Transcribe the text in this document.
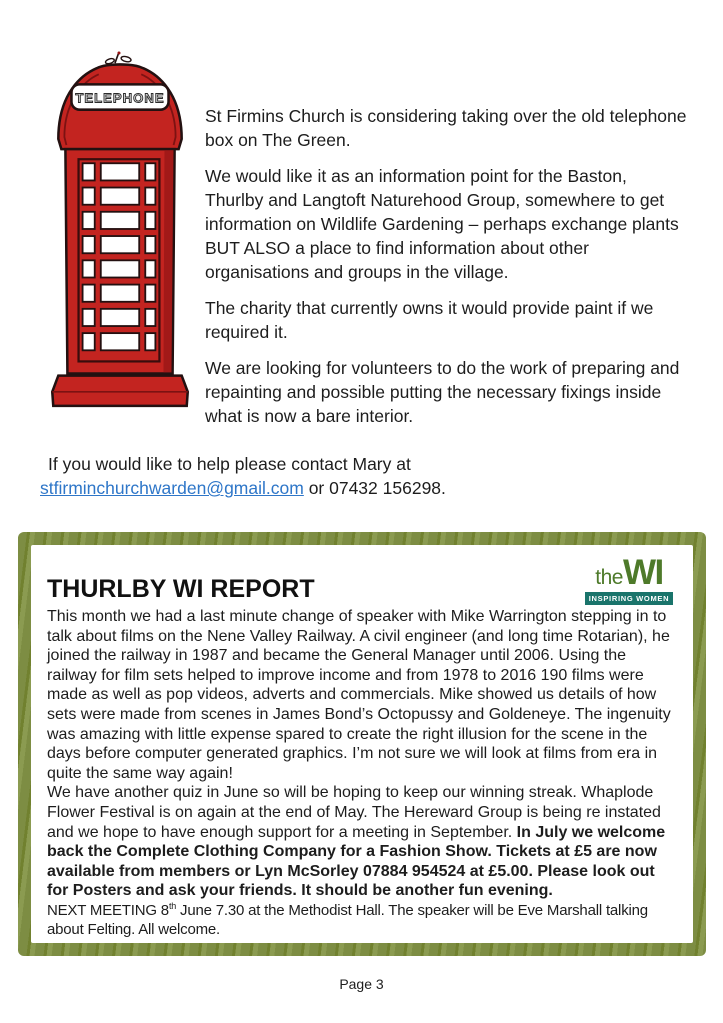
TELEPHONE

St Firmins Church is considering taking over the old telephone box on The Green.

We would like it as an information point for the Baston, Thurlby and Langtoft Naturehood Group, somewhere to get information on Wildlife Gardening – perhaps exchange plants BUT ALSO a place to find information about other organisations and groups in the village.

The charity that currently owns it would provide paint if we required it.

We are looking for volunteers to do the work of preparing and repainting and possible putting the necessary fixings inside what is now a bare interior.

If you would like to help please contact Mary at
stfirminchurchwarden@gmail.com or 07432 156298.
theWI
INSPIRING WOMEN
THURLBY WI REPORT

This month we had a last minute change of speaker with Mike Warrington stepping in to talk about films on the Nene Valley Railway. A civil engineer (and long time Rotarian), he joined the railway in 1987 and became the General Manager until 2006. Using the railway for film sets helped to improve income and from 1978 to 2016 190 films were made as well as pop videos, adverts and commercials. Mike showed us details of how sets were made from scenes in James Bond’s Octopussy and Goldeneye. The ingenuity was amazing with little expense spared to create the right illusion for the scene in the days before computer generated graphics. I’m not sure we will look at films from era in quite the same way again!

We have another quiz in June so will be hoping to keep our winning streak. Whaplode Flower Festival is on again at the end of May. The Hereward Group is being re instated and we hope to have enough support for a meeting in September. In July we welcome back the Complete Clothing Company for a Fashion Show. Tickets at £5 are now available from members or Lyn McSorley 07884 954524 at £5.00. Please look out for Posters and ask your friends. It should be another fun evening.

NEXT MEETING 8th June 7.30 at the Methodist Hall. The speaker will be Eve Marshall talking about Felting. All welcome.

Page 3
